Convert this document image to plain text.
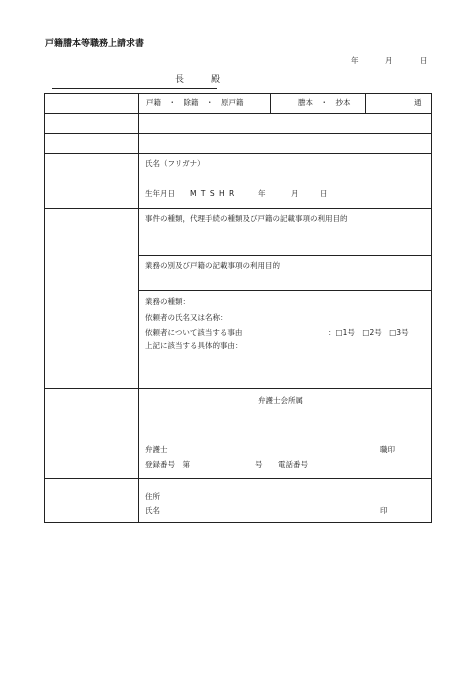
戸籍謄本等職務上請求書
年	月	日
長　殿
戸籍　・　除籍　・　原戸籍	謄本　・　抄本	通
氏名（フリガナ）
生年月日 M T S H R	年	月	日
事件の種類，代理手続の種類及び戸籍の記載事項の利用目的
業務の別及び戸籍の記載事項の利用目的
業務の種類：
依頼者の氏名又は名称：
依頼者について該当する事由	：□1号　□2号　□3号
上記に該当する具体的事由：
弁護士会所属
弁護士	職印
登録番号　第	号 電話番号
住所
氏名	印
